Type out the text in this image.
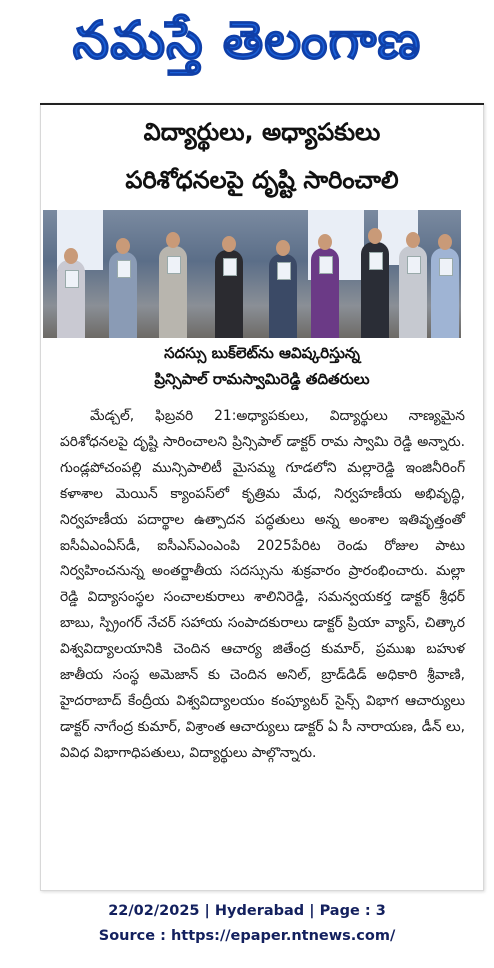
నమస్తే తెలంగాణ
విద్యార్థులు, అధ్యాపకులు
పరిశోధనలపై దృష్టి సారించాలి
సదస్సు బుక్‌లెట్‌ను ఆవిష్కరిస్తున్న
ప్రిన్సిపాల్ రామస్వామిరెడ్డి తదితరులు

మేడ్చల్, ఫిబ్రవరి 21:అధ్యాపకులు, విద్యార్థులు నాణ్యమైన పరిశోధనలపై దృష్టి సారించాలని ప్రిన్సిపాల్ డాక్టర్ రామ స్వామి రెడ్డి అన్నారు. గుండ్లపోచంపల్లి మున్సిపాలిటీ మైసమ్మ గూడలోని మల్లారెడ్డి ఇంజినీరింగ్ కళాశాల మెయిన్ క్యాంపస్‌లో కృత్రిమ మేధ, నిర్వహణీయ అభివృద్ధి, నిర్వహణీయ పదార్థాల ఉత్పాదన పద్ధతులు అన్న అంశాల ఇతివృత్తంతో ఐసీఏఎంఏస్‌డీ, ఐసీఎస్ఎంఎంపి 2025పేరిట రెండు రోజుల పాటు నిర్వహించనున్న అంతర్జాతీయ సదస్సును శుక్రవారం ప్రారంభించారు. మల్లా రెడ్డి విద్యాసంస్థల సంచాలకురాలు శాలినిరెడ్డి, సమన్వయకర్త డాక్టర్ శ్రీధర్ బాబు, స్ప్రింగర్ నేచర్ సహాయ సంపాదకురాలు డాక్టర్ ప్రియా వ్యాస్, చిత్కార విశ్వవిద్యాలయానికి చెందిన ఆచార్య జితేంద్ర కుమార్, ప్రముఖ బహుళ జాతీయ సంస్థ అమెజాన్ కు చెందిన అనిల్, బ్రాడ్‌డిడ్ అధికారి శ్రీవాణి, హైదరాబాద్ కేంద్రీయ విశ్వవిద్యాలయం కంప్యూటర్ సైన్స్ విభాగ ఆచార్యులు డాక్టర్ నాగేంద్ర కుమార్, విశ్రాంత ఆచార్యులు డాక్టర్ ఏ సీ నారాయణ, డీన్ లు, వివిధ విభాగాధిపతులు, విద్యార్థులు పాల్గొన్నారు.

22/02/2025 | Hyderabad | Page : 3
Source : https://epaper.ntnews.com/
